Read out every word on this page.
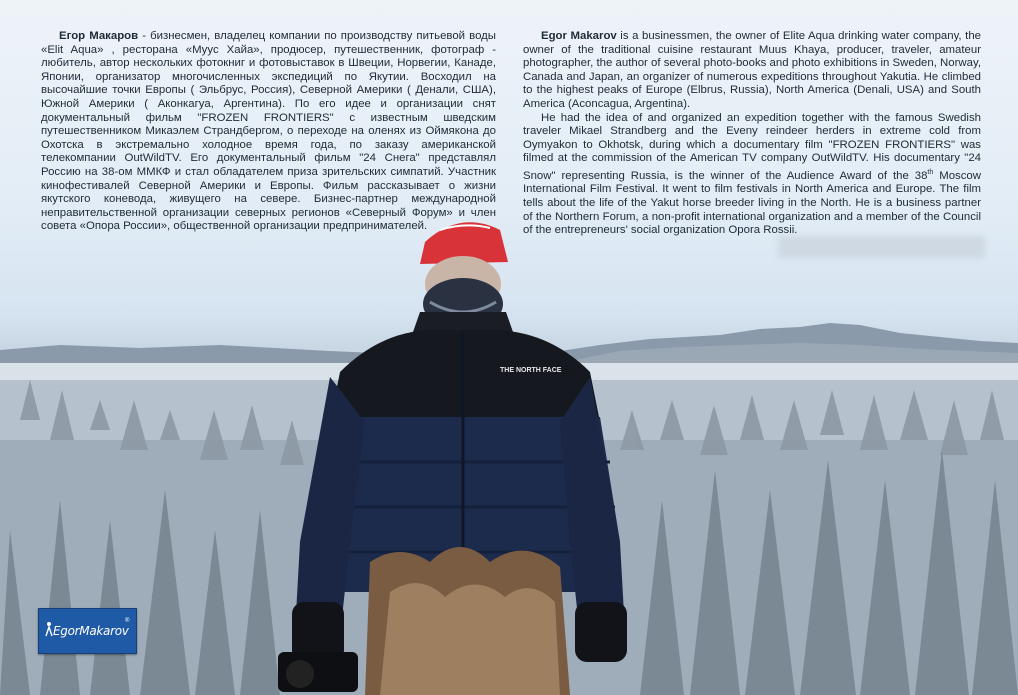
THE NORTH FACE

Егор Макаров - бизнесмен, владелец компании по производству питьевой воды «Elit Aqua» , ресторана «Муус Хайа», продюсер, путешественник, фотограф - любитель, автор нескольких фотокниг и фотовыставок в Швеции, Норвегии, Канаде, Японии, организатор многочисленных экспедиций по Якутии. Восходил на высочайшие точки Европы ( Эльбрус, Россия), Северной Америки ( Денали, США), Южной Америки ( Аконкагуа, Аргентина). По его идее и организации снят документальный фильм "FROZEN FRONTIERS" с известным шведским путешественником Микаэлем Страндбергом, о переходе на оленях из Оймякона до Охотска в экстремально холодное время года, по заказу американской телекомпании OutWildTV. Его документальный фильм "24 Снега" представлял Россию на 38-ом ММКФ и стал обладателем приза зрительских симпатий. Участник кинофестивалей Северной Америки и Европы. Фильм рассказывает о жизни якутского коневода, живущего на севере. Бизнес-партнер международной неправительственной организации северных регионов «Северный Форум» и член совета «Опора России», общественной организации предпринимателей.

Egor Makarov is a businessmen, the owner of Elite Aqua drinking water company, the owner of the traditional cuisine restaurant Muus Khaya, producer, traveler, amateur photographer, the author of several photo-books and photo exhibitions in Sweden, Norway, Canada and Japan, an organizer of numerous expeditions throughout Yakutia. He climbed to the highest peaks of Europe (Elbrus, Russia), North America (Denali, USA) and South America (Aconcagua, Argentina).

He had the idea of and organized an expedition together with the famous Swedish traveler Mikael Strandberg and the Eveny reindeer herders in extreme cold from Oymyakon to Okhotsk, during which a documentary film "FROZEN FRONTIERS" was filmed at the commission of the American TV company OutWildTV. His documentary "24 Snow" representing Russia, is the winner of the Audience Award of the 38th Moscow International Film Festival. It went to film festivals in North America and Europe. The film tells about the life of the Yakut horse breeder living in the North. He is a business partner of the Northern Forum, a non-profit international organization and a member of the Council of the entrepreneurs' social organization Opora Rossii.

EgorMakarov
®
